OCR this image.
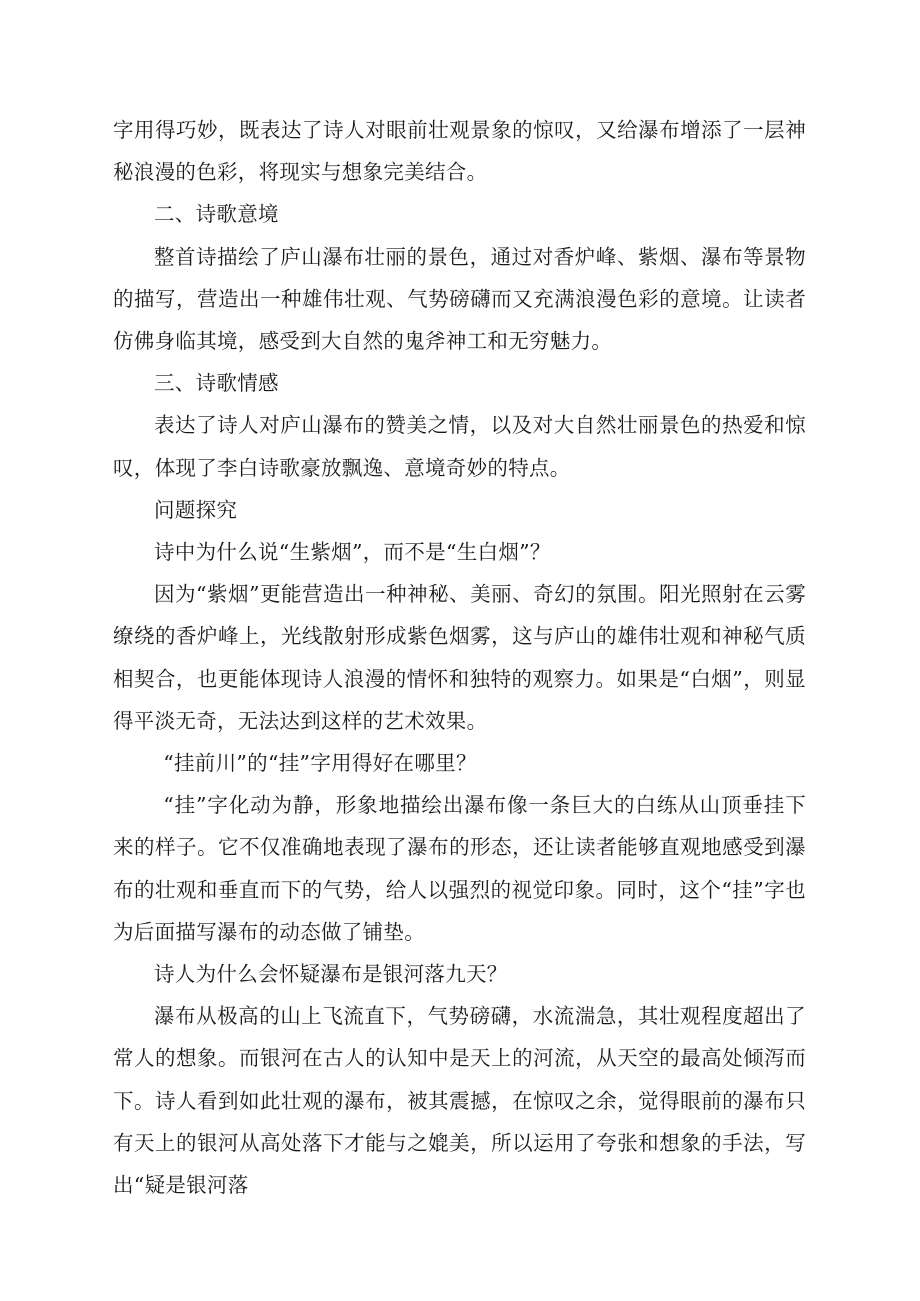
字用得巧妙，既表达了诗人对眼前壮观景象的惊叹，又给瀑布增添了一层神秘浪漫的色彩，将现实与想象完美结合。

二、诗歌意境

整首诗描绘了庐山瀑布壮丽的景色，通过对香炉峰、紫烟、瀑布等景物的描写，营造出一种雄伟壮观、气势磅礴而又充满浪漫色彩的意境。让读者仿佛身临其境，感受到大自然的鬼斧神工和无穷魅力。

三、诗歌情感

表达了诗人对庐山瀑布的赞美之情，以及对大自然壮丽景色的热爱和惊叹，体现了李白诗歌豪放飘逸、意境奇妙的特点。

问题探究

诗中为什么说“生紫烟”，而不是“生白烟”？

因为“紫烟”更能营造出一种神秘、美丽、奇幻的氛围。阳光照射在云雾缭绕的香炉峰上，光线散射形成紫色烟雾，这与庐山的雄伟壮观和神秘气质相契合，也更能体现诗人浪漫的情怀和独特的观察力。如果是“白烟”，则显得平淡无奇，无法达到这样的艺术效果。

“挂前川”的“挂”字用得好在哪里？

“挂”字化动为静，形象地描绘出瀑布像一条巨大的白练从山顶垂挂下来的样子。它不仅准确地表现了瀑布的形态，还让读者能够直观地感受到瀑布的壮观和垂直而下的气势，给人以强烈的视觉印象。同时，这个“挂”字也为后面描写瀑布的动态做了铺垫。

诗人为什么会怀疑瀑布是银河落九天？

瀑布从极高的山上飞流直下，气势磅礴，水流湍急，其壮观程度超出了常人的想象。而银河在古人的认知中是天上的河流，从天空的最高处倾泻而下。诗人看到如此壮观的瀑布，被其震撼，在惊叹之余，觉得眼前的瀑布只有天上的银河从高处落下才能与之媲美，所以运用了夸张和想象的手法，写出“疑是银河落
